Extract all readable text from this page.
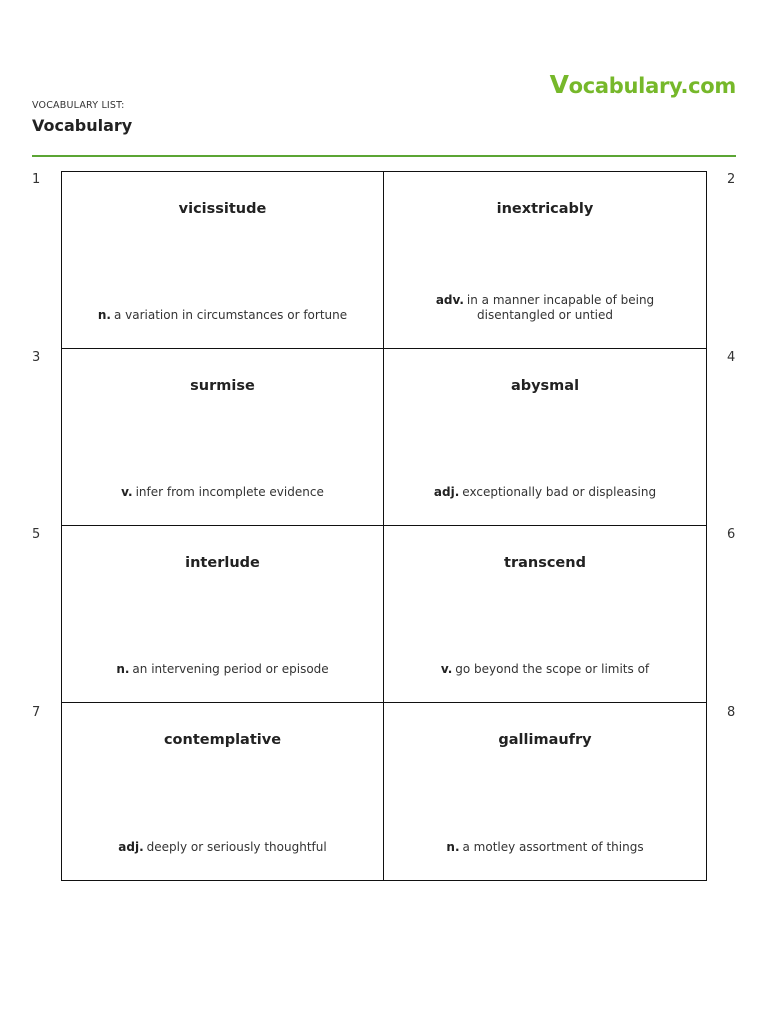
VOCABULARY LIST:
Vocabulary
Vocabulary.com
1	2
3	4
5	6
7	8
vicissitude
n. a variation in circumstances or fortune
inextricably
adv. in a manner incapable of being disentangled or untied
surmise
v. infer from incomplete evidence
abysmal
adj. exceptionally bad or displeasing
interlude
n. an intervening period or episode
transcend
v. go beyond the scope or limits of
contemplative
adj. deeply or seriously thoughtful
gallimaufry
n. a motley assortment of things
